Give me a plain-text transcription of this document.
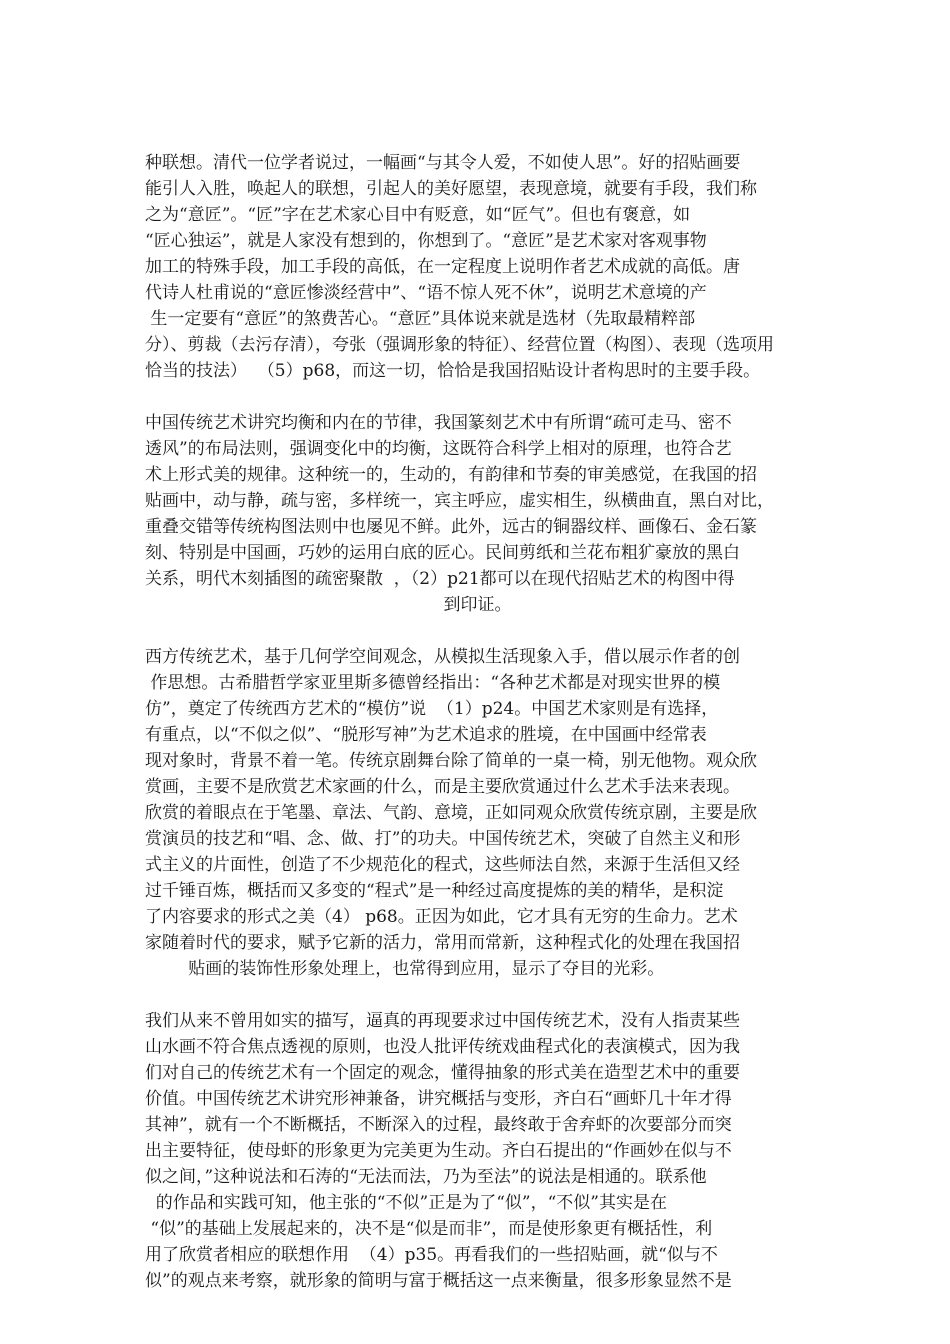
种联想。清代一位学者说过，一幅画“与其令人爱，不如使人思”。好的招贴画要
能引人入胜，唤起人的联想，引起人的美好愿望，表现意境，就要有手段，我们称
之为“意匠”。“匠”字在艺术家心目中有贬意，如“匠气”。但也有褒意，如
“匠心独运”，就是人家没有想到的，你想到了。“意匠”是艺术家对客观事物
加工的特殊手段，加工手段的高低，在一定程度上说明作者艺术成就的高低。唐
代诗人杜甫说的“意匠惨淡经营中”、“语不惊人死不休”，说明艺术意境的产
生一定要有“意匠”的煞费苦心。“意匠”具体说来就是选材（先取最精粹部
分）、剪裁（去污存清），夸张（强调形象的特征）、经营位置（构图）、表现（选项用
恰当的技法）  （5）p68，而这一切，恰恰是我国招贴设计者构思时的主要手段。
中国传统艺术讲究均衡和内在的节律，我国篆刻艺术中有所谓“疏可走马、密不
透风”的布局法则，强调变化中的均衡，这既符合科学上相对的原理，也符合艺
术上形式美的规律。这种统一的，生动的，有韵律和节奏的审美感觉，在我国的招
贴画中，动与静，疏与密，多样统一，宾主呼应，虚实相生，纵横曲直，黑白对比，
重叠交错等传统构图法则中也屡见不鲜。此外，远古的铜器纹样、画像石、金石篆
刻、特别是中国画，巧妙的运用白底的匠心。民间剪纸和兰花布粗犷豪放的黑白
关系，明代木刻插图的疏密聚散  ，（2）p21都可以在现代招贴艺术的构图中得
到印证。
西方传统艺术，基于几何学空间观念，从模拟生活现象入手，借以展示作者的创
作思想。古希腊哲学家亚里斯多德曾经指出：“各种艺术都是对现实世界的模
仿”，奠定了传统西方艺术的“模仿”说  （1）p24。中国艺术家则是有选择，
有重点，以“不似之似”、“脱形写神”为艺术追求的胜境，在中国画中经常表
现对象时，背景不着一笔。传统京剧舞台除了简单的一桌一椅，别无他物。观众欣
赏画，主要不是欣赏艺术家画的什么，而是主要欣赏通过什么艺术手法来表现。
欣赏的着眼点在于笔墨、章法、气韵、意境，正如同观众欣赏传统京剧，主要是欣
赏演员的技艺和“唱、念、做、打”的功夫。中国传统艺术，突破了自然主义和形
式主义的片面性，创造了不少规范化的程式，这些师法自然，来源于生活但又经
过千锤百炼，概括而又多变的“程式”是一种经过高度提炼的美的精华，是积淀
了内容要求的形式之美（4） p68。正因为如此，它才具有无穷的生命力。艺术
家随着时代的要求，赋予它新的活力，常用而常新，这种程式化的处理在我国招
贴画的装饰性形象处理上，也常得到应用，显示了夺目的光彩。
我们从来不曾用如实的描写，逼真的再现要求过中国传统艺术，没有人指责某些
山水画不符合焦点透视的原则，也没人批评传统戏曲程式化的表演模式，因为我
们对自己的传统艺术有一个固定的观念，懂得抽象的形式美在造型艺术中的重要
价值。中国传统艺术讲究形神兼备，讲究概括与变形，齐白石“画虾几十年才得
其神”，就有一个不断概括，不断深入的过程，最终敢于舍弃虾的次要部分而突
出主要特征，使母虾的形象更为完美更为生动。齐白石提出的“作画妙在似与不
似之间，”这种说法和石涛的“无法而法，乃为至法”的说法是相通的。联系他
的作品和实践可知，他主张的“不似”正是为了“似”，“不似”其实是在
“似”的基础上发展起来的，决不是“似是而非”，而是使形象更有概括性，利
用了欣赏者相应的联想作用  （4）p35。再看我们的一些招贴画，就“似与不
似”的观点来考察，就形象的简明与富于概括这一点来衡量，很多形象显然不是
